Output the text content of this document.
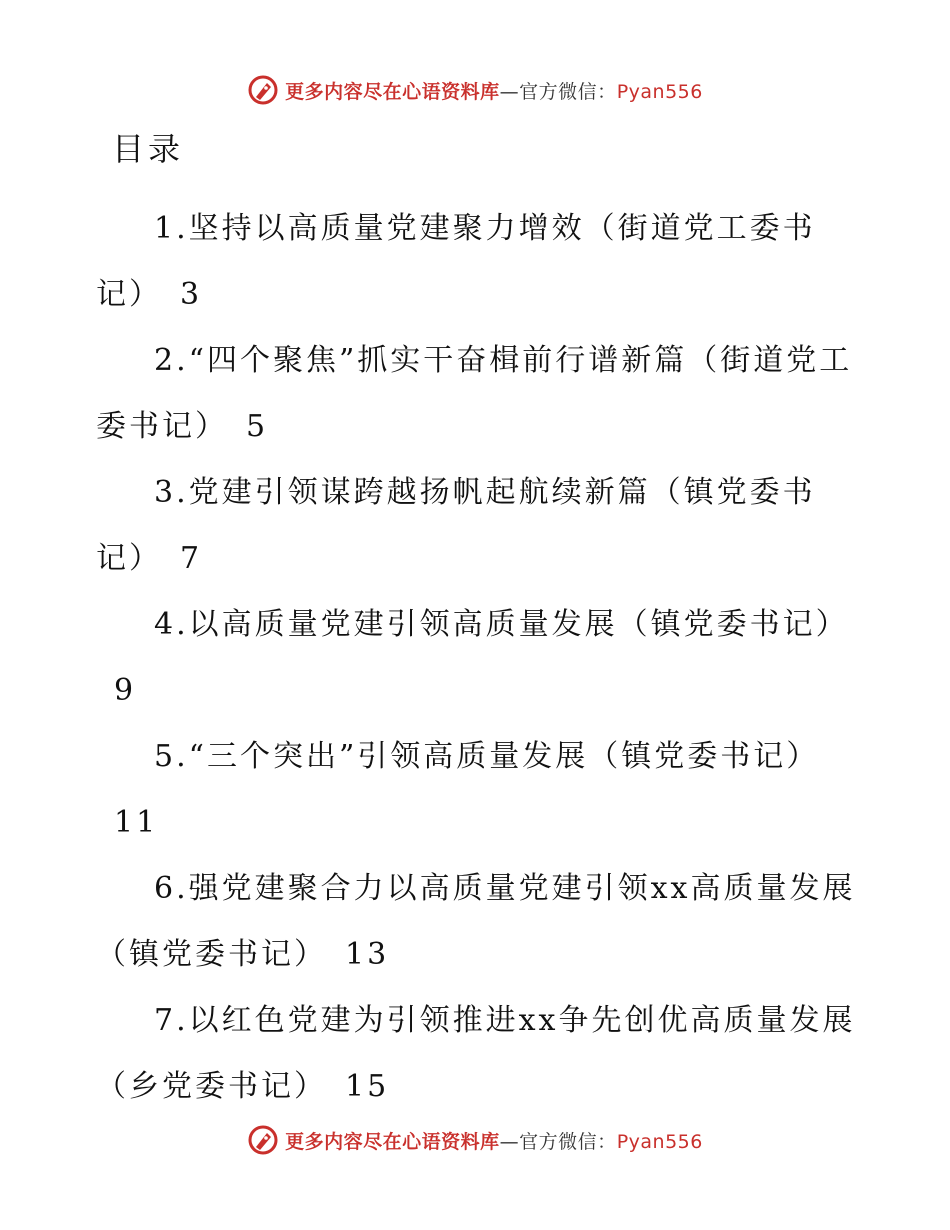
更多内容尽在心语资料库—官方微信：Pyan556
目录
1.坚持以高质量党建聚力增效（街道党工委书记） 3
2.“四个聚焦”抓实干奋楫前行谱新篇（街道党工委书记） 5
3.党建引领谋跨越扬帆起航续新篇（镇党委书记） 7
4.以高质量党建引领高质量发展（镇党委书记）9
5.“三个突出”引领高质量发展（镇党委书记）11
6.强党建聚合力以高质量党建引领xx高质量发展（镇党委书记） 13
7.以红色党建为引领推进xx争先创优高质量发展（乡党委书记） 15
更多内容尽在心语资料库—官方微信：Pyan556
